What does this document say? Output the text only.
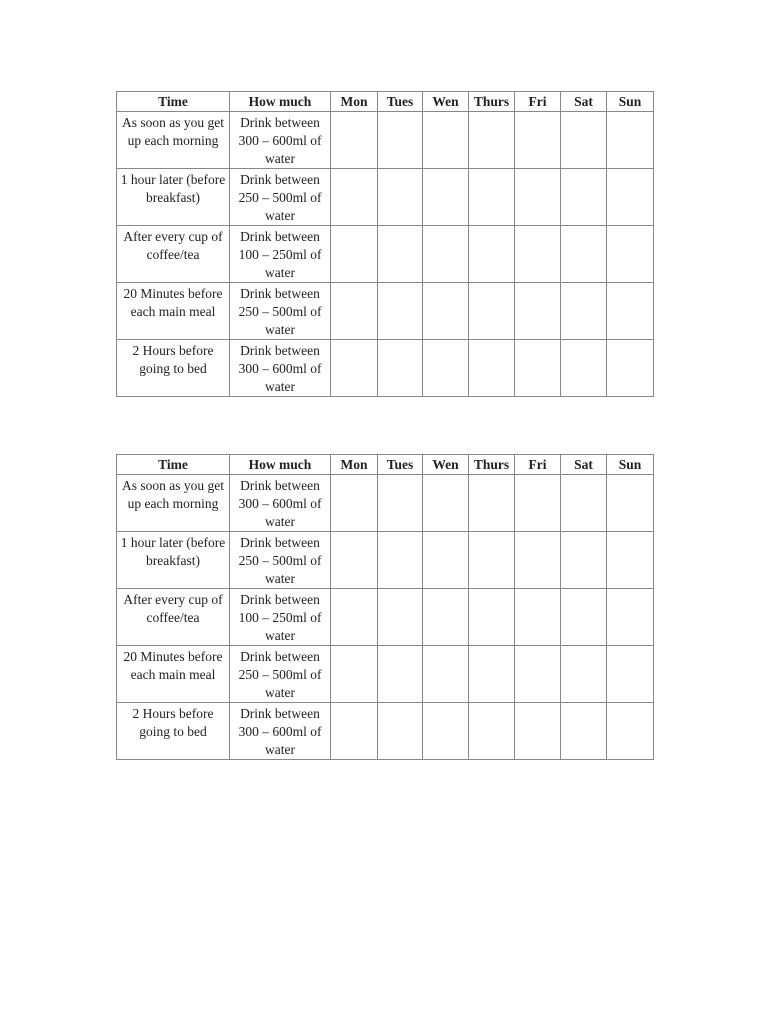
Time	How much	Mon	Tues	Wen	Thurs	Fri	Sat	Sun
As soon as you get up each morning	Drink between 300 – 600ml of water							
1 hour later (before breakfast)	Drink between 250 – 500ml of water							
After every cup of coffee/tea	Drink between 100 – 250ml of water							
20 Minutes before each main meal	Drink between 250 – 500ml of water							
2 Hours before going to bed	Drink between 300 – 600ml of water							
Time	How much	Mon	Tues	Wen	Thurs	Fri	Sat	Sun
As soon as you get up each morning	Drink between 300 – 600ml of water							
1 hour later (before breakfast)	Drink between 250 – 500ml of water							
After every cup of coffee/tea	Drink between 100 – 250ml of water							
20 Minutes before each main meal	Drink between 250 – 500ml of water							
2 Hours before going to bed	Drink between 300 – 600ml of water							
